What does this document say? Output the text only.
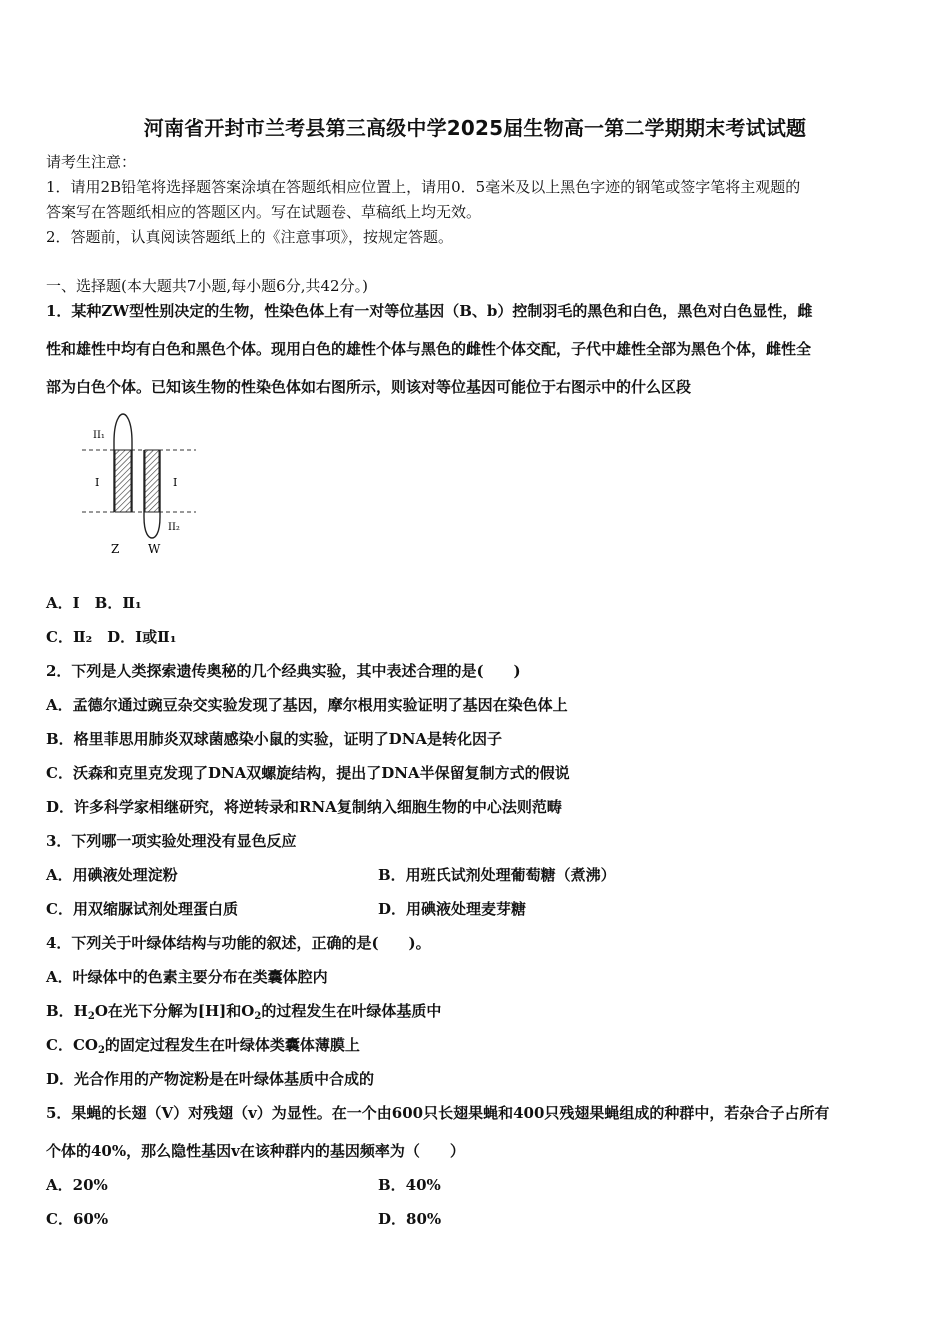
河南省开封市兰考县第三高级中学2025届生物高一第二学期期末考试试题
请考生注意：
1．请用2B铅笔将选择题答案涂填在答题纸相应位置上，请用0．5毫米及以上黑色字迹的钢笔或签字笔将主观题的
答案写在答题纸相应的答题区内。写在试题卷、草稿纸上均无效。
2．答题前，认真阅读答题纸上的《注意事项》，按规定答题。
一、选择题(本大题共7小题,每小题6分,共42分。)
1．某种ZW型性别决定的生物，性染色体上有一对等位基因（B、b）控制羽毛的黑色和白色，黑色对白色显性，雌
性和雄性中均有白色和黑色个体。现用白色的雄性个体与黑色的雌性个体交配，子代中雄性全部为黑色个体，雌性全
部为白色个体。已知该生物的性染色体如右图所示，则该对等位基因可能位于右图示中的什么区段
II₁
I	I
II₂
Z W
A．Ⅰ　B．Ⅱ₁
C．Ⅱ₂　D．Ⅰ或Ⅱ₁
2．下列是人类探索遗传奥秘的几个经典实验，其中表述合理的是(　　)
A．孟德尔通过豌豆杂交实验发现了基因，摩尔根用实验证明了基因在染色体上
B．格里菲思用肺炎双球菌感染小鼠的实验，证明了DNA是转化因子
C．沃森和克里克发现了DNA双螺旋结构，提出了DNA半保留复制方式的假说
D．许多科学家相继研究，将逆转录和RNA复制纳入细胞生物的中心法则范畴
3．下列哪一项实验处理没有显色反应
A．用碘液处理淀粉	B．用班氏试剂处理葡萄糖（煮沸）
C．用双缩脲试剂处理蛋白质	D．用碘液处理麦芽糖
4．下列关于叶绿体结构与功能的叙述，正确的是(　　)。
A．叶绿体中的色素主要分布在类囊体腔内
B．$H_2O$在光下分解为[H]和$O_2$的过程发生在叶绿体基质中
C．$CO_2$的固定过程发生在叶绿体类囊体薄膜上
D．光合作用的产物淀粉是在叶绿体基质中合成的
5．果蝇的长翅（V）对残翅（v）为显性。在一个由600只长翅果蝇和400只残翅果蝇组成的种群中，若杂合子占所有
个体的40%，那么隐性基因v在该种群内的基因频率为（　　）
A．20%	B．40%
C．60%	D．80%
